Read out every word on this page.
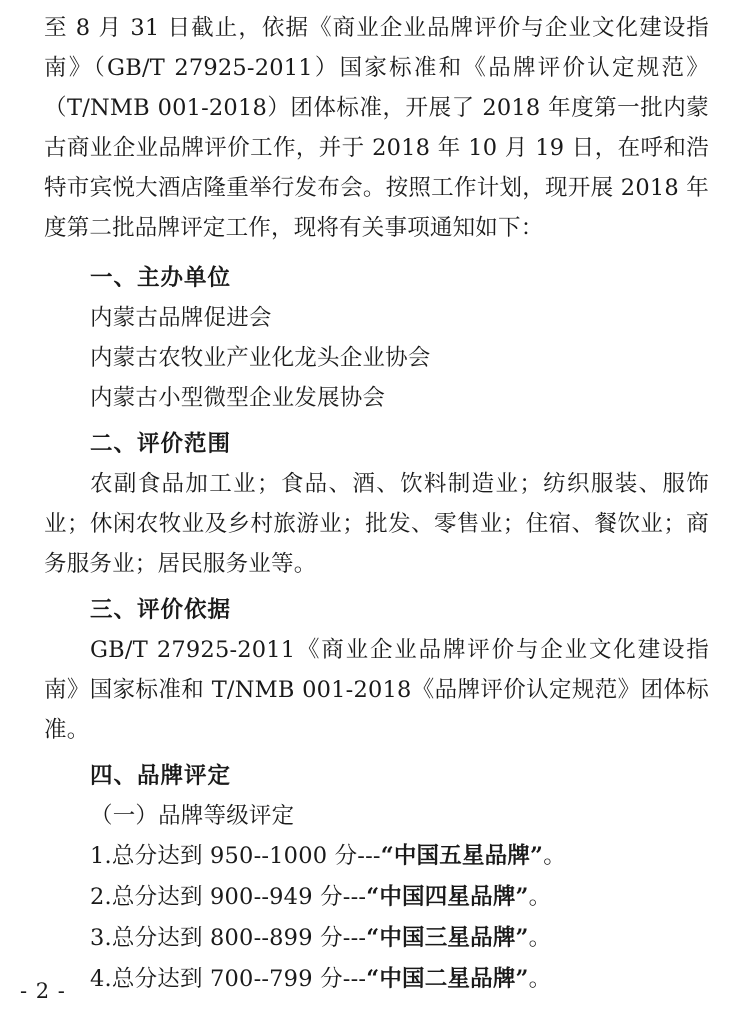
至 8 月 31 日截止，依据《商业企业品牌评价与企业文化建设指南》（GB/T 27925-2011）国家标准和《品牌评价认定规范》（T/NMB 001-2018）团体标准，开展了 2018 年度第一批内蒙古商业企业品牌评价工作，并于 2018 年 10 月 19 日，在呼和浩特市宾悦大酒店隆重举行发布会。按照工作计划，现开展 2018 年度第二批品牌评定工作，现将有关事项通知如下：

一、主办单位

内蒙古品牌促进会

内蒙古农牧业产业化龙头企业协会

内蒙古小型微型企业发展协会

二、评价范围

农副食品加工业；食品、酒、饮料制造业；纺织服装、服饰业；休闲农牧业及乡村旅游业；批发、零售业；住宿、餐饮业；商务服务业；居民服务业等。

三、评价依据

GB/T 27925-2011《商业企业品牌评价与企业文化建设指南》国家标准和 T/NMB 001-2018《品牌评价认定规范》团体标准。

四、品牌评定

（一）品牌等级评定

1.总分达到 950--1000 分---“中国五星品牌”。

2.总分达到 900--949 分---“中国四星品牌”。

3.总分达到 800--899 分---“中国三星品牌”。

4.总分达到 700--799 分---“中国二星品牌”。

- 2 -
